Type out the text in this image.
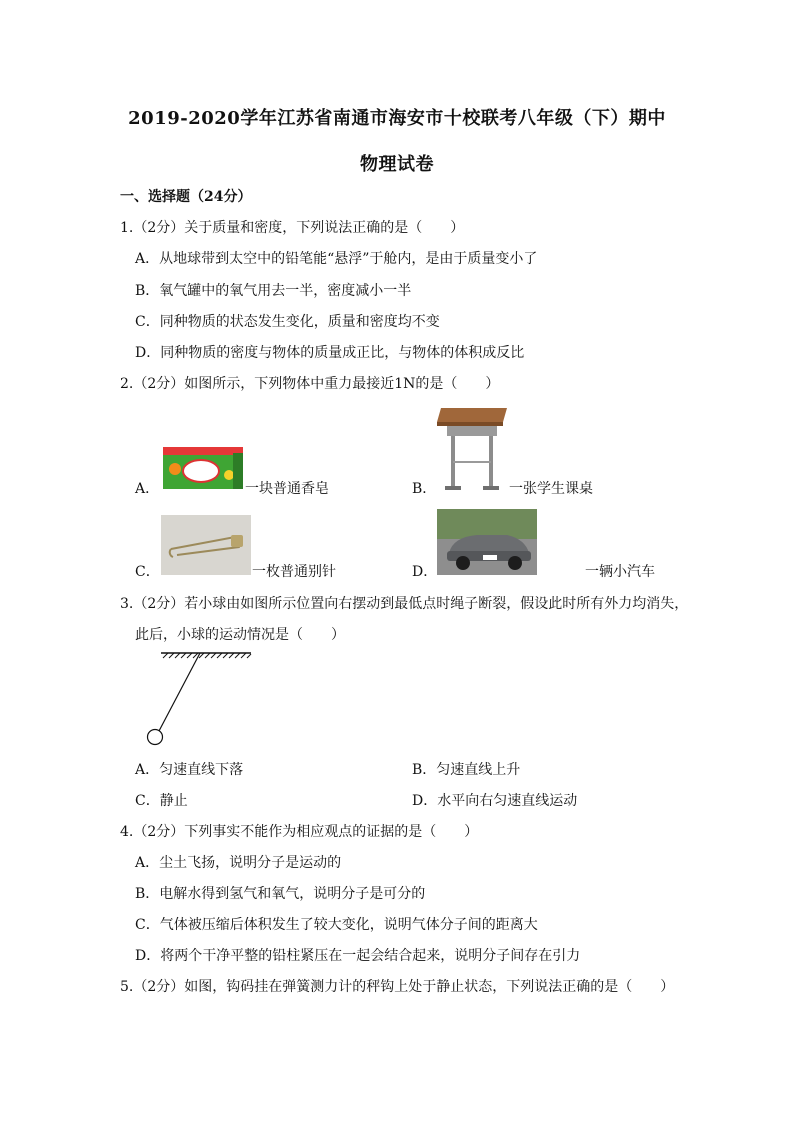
2019-2020学年江苏省南通市海安市十校联考八年级（下）期中
物理试卷
一、选择题（24分）
1.（2分）关于质量和密度，下列说法正确的是（　　）
A．从地球带到太空中的铅笔能“悬浮”于舱内，是由于质量变小了
B．氧气罐中的氧气用去一半，密度减小一半
C．同种物质的状态发生变化，质量和密度均不变
D．同种物质的密度与物体的质量成正比，与物体的体积成反比
2.（2分）如图所示，下列物体中重力最接近1N的是（　　）
A．	一块普通香皂	B．	一张学生课桌
C．	一枚普通别针	D．	一辆小汽车
3.（2分）若小球由如图所示位置向右摆动到最低点时绳子断裂，假设此时所有外力均消失，
此后，小球的运动情况是（　　）
A．匀速直线下落	B．匀速直线上升
C．静止	D．水平向右匀速直线运动
4.（2分）下列事实不能作为相应观点的证据的是（　　）
A．尘土飞扬，说明分子是运动的
B．电解水得到氢气和氧气，说明分子是可分的
C．气体被压缩后体积发生了较大变化，说明气体分子间的距离大
D．将两个干净平整的铅柱紧压在一起会结合起来，说明分子间存在引力
5.（2分）如图，钩码挂在弹簧测力计的秤钩上处于静止状态，下列说法正确的是（　　）
